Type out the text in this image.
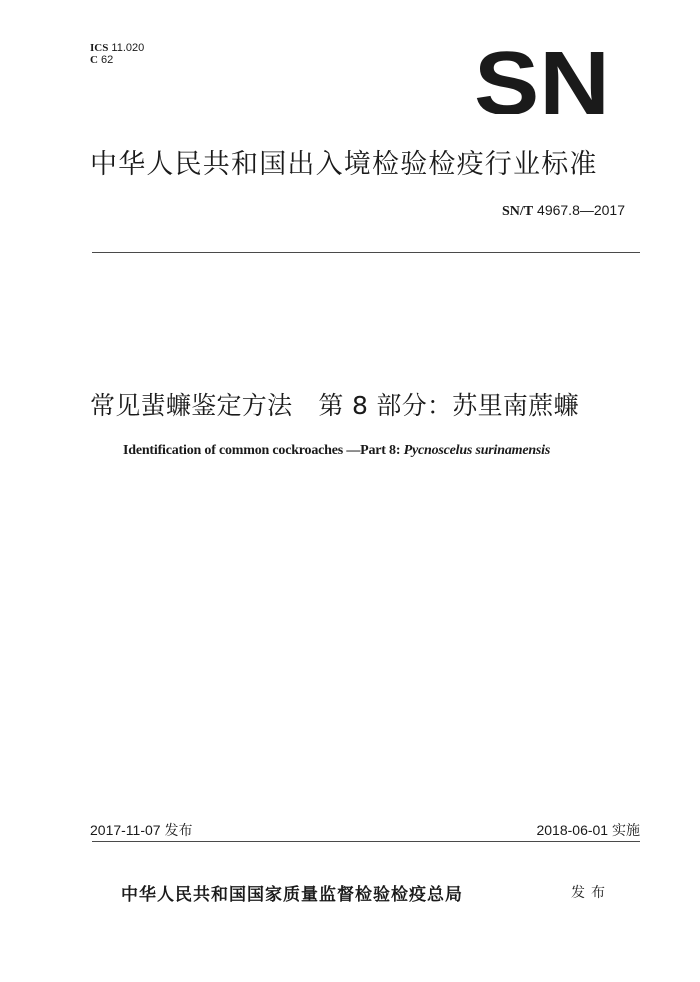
ICS 11.020
C 62	SN
中华人民共和国出入境检验检疫行业标准
SN/T 4967.8—2017
常见蜚蠊鉴定方法 第 8 部分：苏里南蔗蠊
Identification of common cockroaches —Part 8: Pycnoscelus surinamensis
2017-11-07 发布	2018-06-01 实施
中华人民共和国国家质量监督检验检疫总局	发布
